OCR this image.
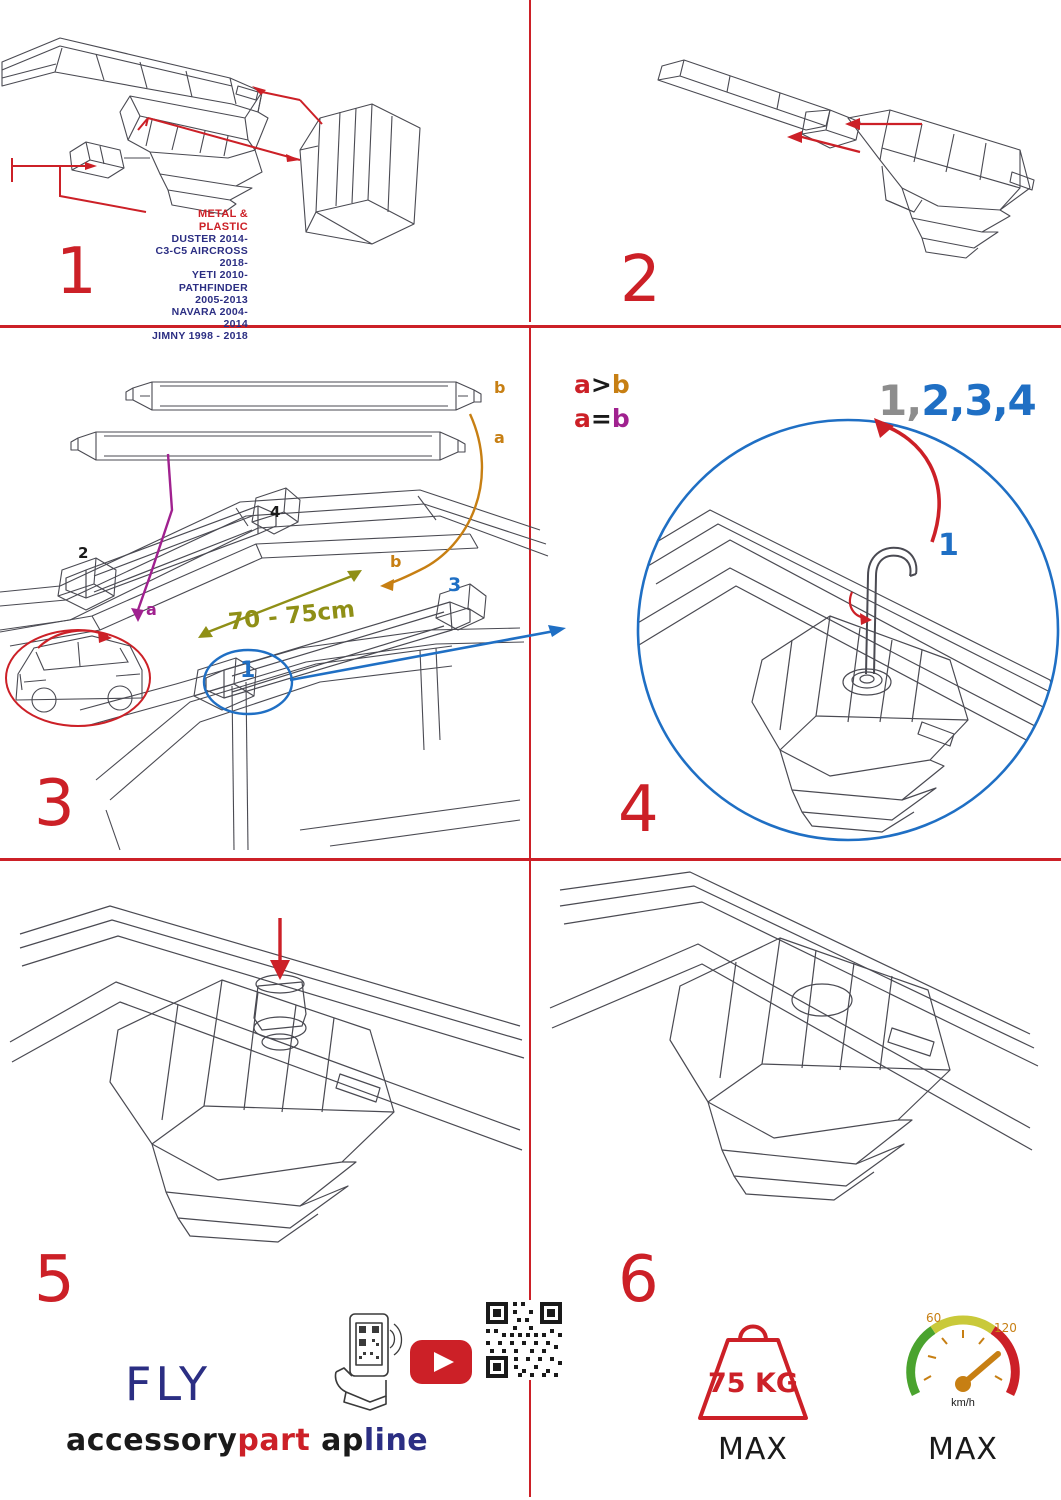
METAL & PLASTIC
DUSTER 2014-
C3-C5 AIRCROSS 2018-
YETI 2010-
PATHFINDER 2005-2013
NAVARA 2004-2014
JIMNY 1998 - 2018
1	2
b
a
a
b
2
4
3
1
70 - 75cm
a>b
a=b
3
1,2,3,4
1
4
5
FLY
accessorypart apline
6
75 KG
MAX
60
120
km/h
MAX
